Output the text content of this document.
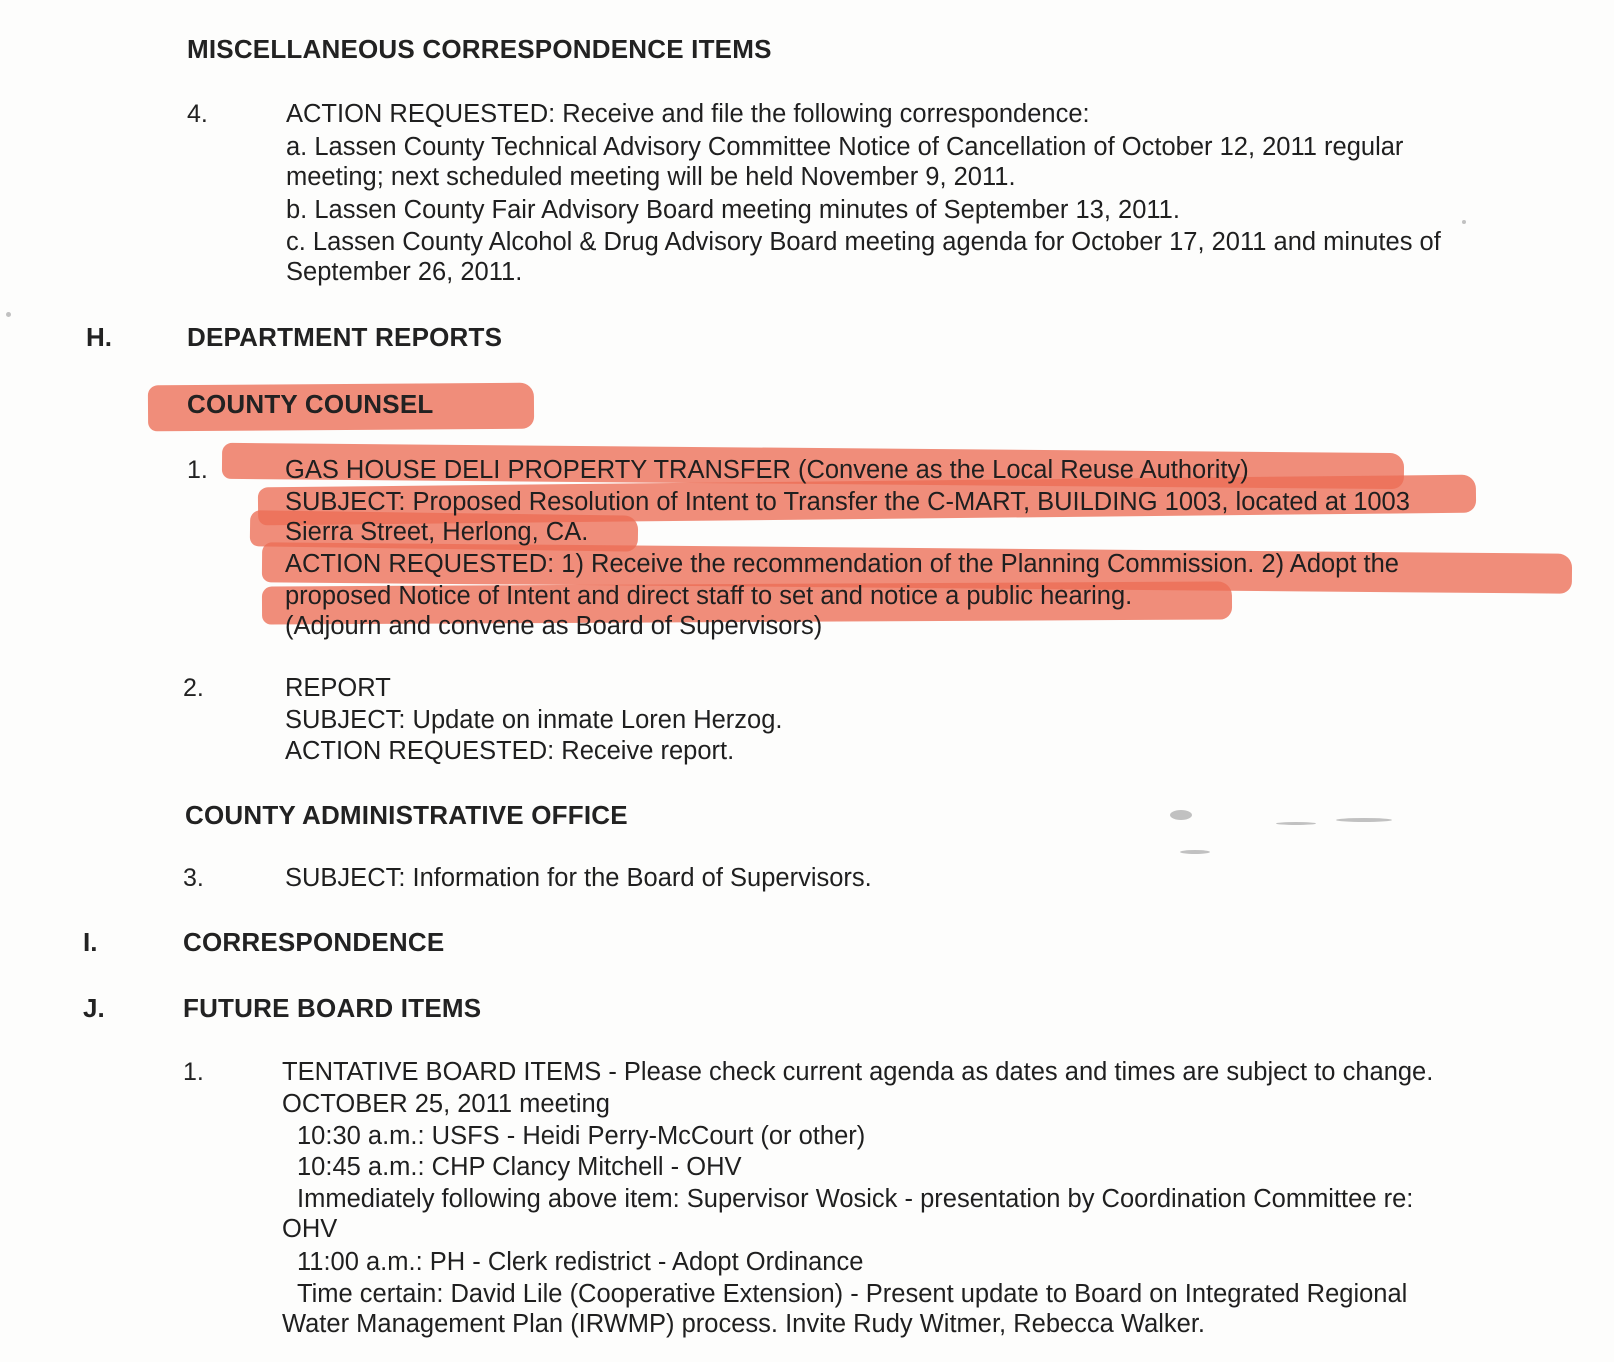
MISCELLANEOUS CORRESPONDENCE ITEMS
4.	ACTION REQUESTED: Receive and file the following correspondence:
a. Lassen County Technical Advisory Committee Notice of Cancellation of October 12, 2011 regular
meeting; next scheduled meeting will be held November 9, 2011.
b. Lassen County Fair Advisory Board meeting minutes of September 13, 2011.
c. Lassen County Alcohol & Drug Advisory Board meeting agenda for October 17, 2011 and minutes of
September 26, 2011.
H.	DEPARTMENT REPORTS
COUNTY COUNSEL
1.	GAS HOUSE DELI PROPERTY TRANSFER (Convene as the Local Reuse Authority)
SUBJECT: Proposed Resolution of Intent to Transfer the C-MART, BUILDING 1003, located at 1003
Sierra Street, Herlong, CA.
ACTION REQUESTED: 1) Receive the recommendation of the Planning Commission. 2) Adopt the
proposed Notice of Intent and direct staff to set and notice a public hearing.
(Adjourn and convene as Board of Supervisors)
2.	REPORT
SUBJECT: Update on inmate Loren Herzog.
ACTION REQUESTED: Receive report.
COUNTY ADMINISTRATIVE OFFICE
3.	SUBJECT: Information for the Board of Supervisors.
I.	CORRESPONDENCE
J.	FUTURE BOARD ITEMS
1.	TENTATIVE BOARD ITEMS - Please check current agenda as dates and times are subject to change.
OCTOBER 25, 2011 meeting
10:30 a.m.: USFS - Heidi Perry-McCourt (or other)
10:45 a.m.: CHP Clancy Mitchell - OHV
Immediately following above item: Supervisor Wosick - presentation by Coordination Committee re:
OHV
11:00 a.m.: PH - Clerk redistrict - Adopt Ordinance
Time certain: David Lile (Cooperative Extension) - Present update to Board on Integrated Regional
Water Management Plan (IRWMP) process. Invite Rudy Witmer, Rebecca Walker.
